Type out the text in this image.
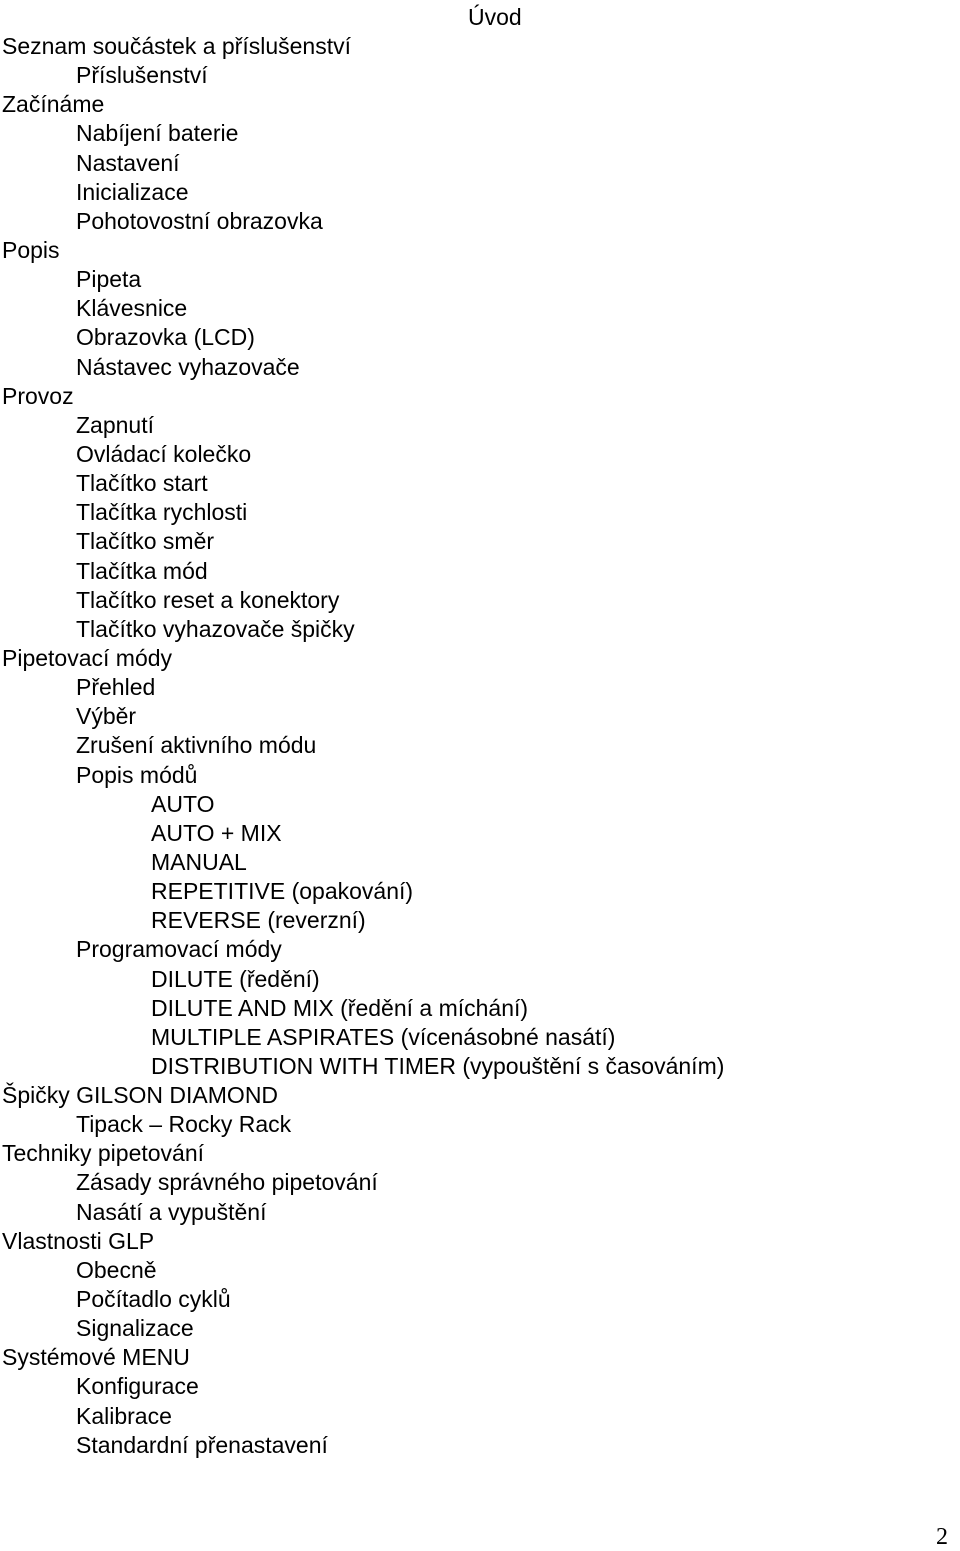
Úvod
Seznam součástek a příslušenství
Příslušenství
Začínáme
Nabíjení baterie
Nastavení
Inicializace
Pohotovostní obrazovka
Popis
Pipeta
Klávesnice
Obrazovka (LCD)
Nástavec vyhazovače
Provoz
Zapnutí
Ovládací kolečko
Tlačítko start
Tlačítka rychlosti
Tlačítko směr
Tlačítka mód
Tlačítko reset a konektory
Tlačítko vyhazovače špičky
Pipetovací módy
Přehled
Výběr
Zrušení aktivního módu
Popis módů
AUTO
AUTO + MIX
MANUAL
REPETITIVE (opakování)
REVERSE (reverzní)
Programovací módy
DILUTE (ředění)
DILUTE AND MIX (ředění a míchání)
MULTIPLE ASPIRATES (vícenásobné nasátí)
DISTRIBUTION WITH TIMER (vypouštění s časováním)
Špičky GILSON DIAMOND
Tipack – Rocky Rack
Techniky pipetování
Zásady správného pipetování
Nasátí a vypuštění
Vlastnosti GLP
Obecně
Počítadlo cyklů
Signalizace
Systémové MENU
Konfigurace
Kalibrace
Standardní přenastavení
2
